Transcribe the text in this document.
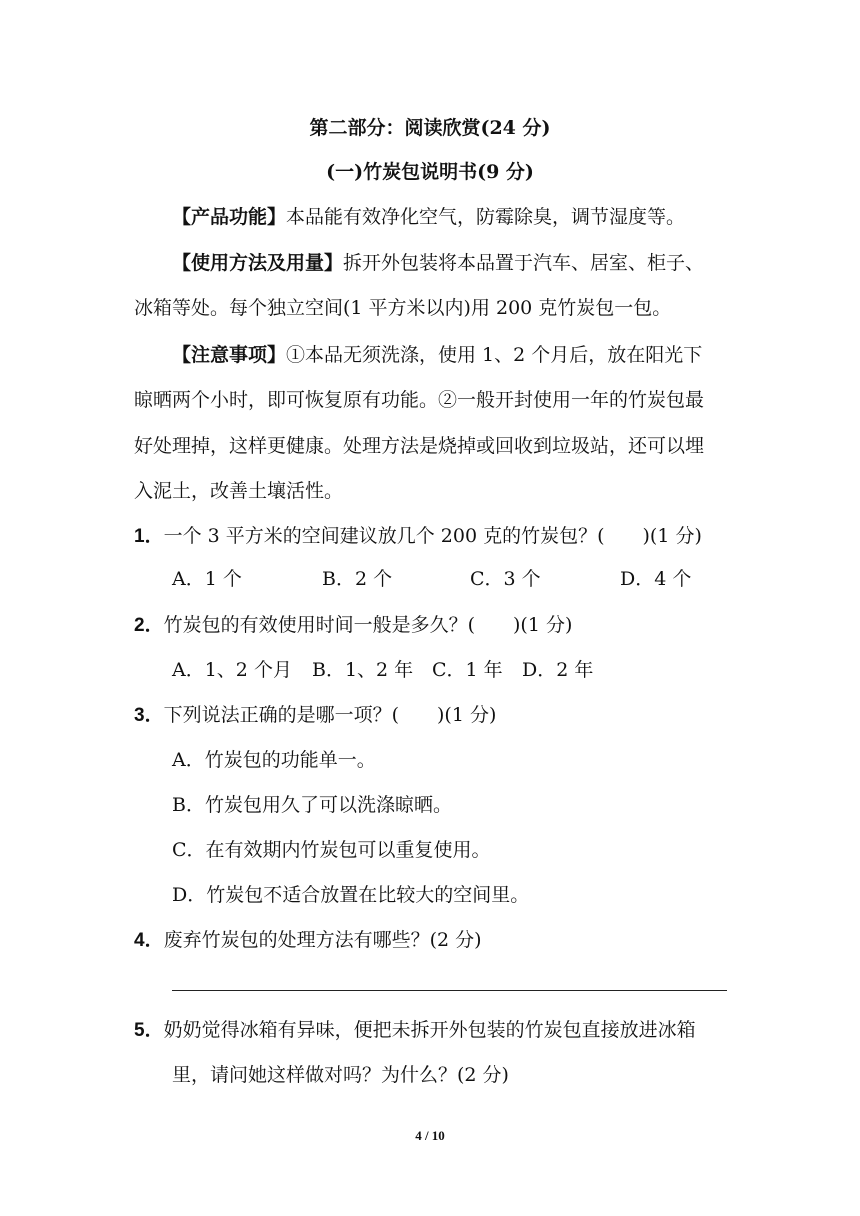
第二部分：阅读欣赏(24 分)
(一)竹炭包说明书(9 分)
【产品功能】本品能有效净化空气，防霉除臭，调节湿度等。
【使用方法及用量】拆开外包装将本品置于汽车、居室、柜子、
冰箱等处。每个独立空间(1 平方米以内)用 200 克竹炭包一包。
【注意事项】①本品无须洗涤，使用 1、2 个月后，放在阳光下
晾晒两个小时，即可恢复原有功能。②一般开封使用一年的竹炭包最
好处理掉，这样更健康。处理方法是烧掉或回收到垃圾站，还可以埋
入泥土，改善土壤活性。
1．一个 3 平方米的空间建议放几个 200 克的竹炭包？(　　)(1 分)
A．1 个	B．2 个	C．3 个	D．4 个
2．竹炭包的有效使用时间一般是多久？(　　)(1 分)
A．1、2 个月 B．1、2 年 C．1 年 D．2 年
3．下列说法正确的是哪一项？(　　)(1 分)
A．竹炭包的功能单一。
B．竹炭包用久了可以洗涤晾晒。
C．在有效期内竹炭包可以重复使用。
D．竹炭包不适合放置在比较大的空间里。
4．废弃竹炭包的处理方法有哪些？(2 分)
5．奶奶觉得冰箱有异味，便把未拆开外包装的竹炭包直接放进冰箱
里，请问她这样做对吗？为什么？(2 分)
4 / 10
